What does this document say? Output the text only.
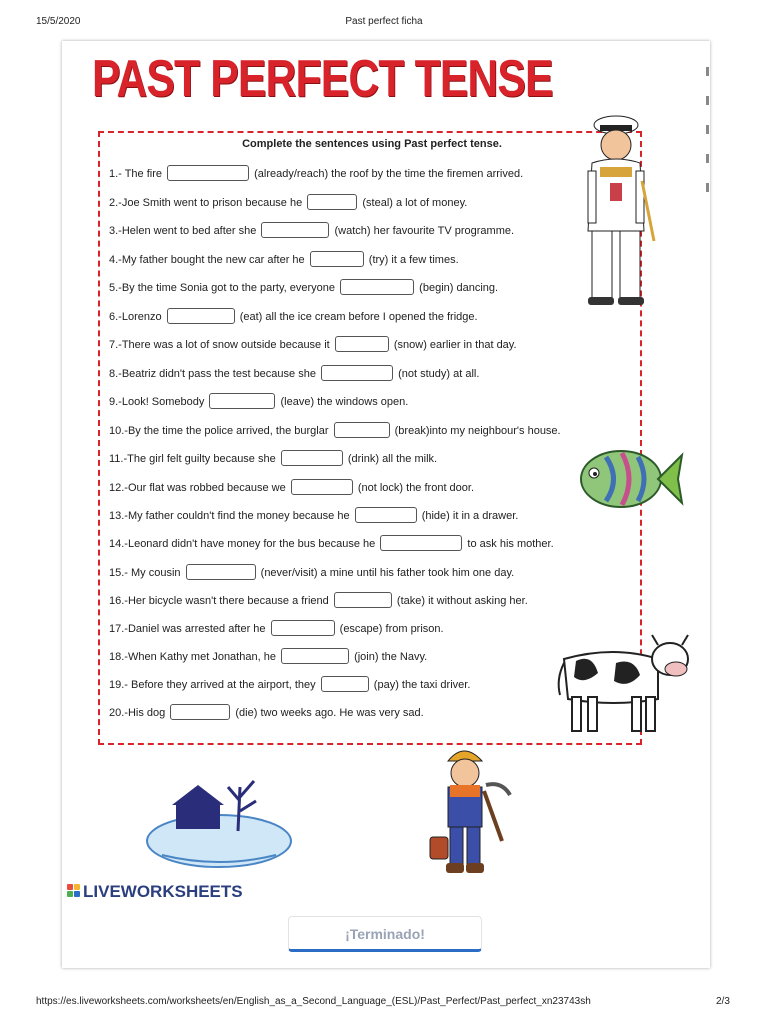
15/5/2020	Past perfect ficha
https://es.liveworksheets.com/worksheets/en/English_as_a_Second_Language_(ESL)/Past_Perfect/Past_perfect_xn23743sh	2/3
PAST PERFECT TENSE
Complete the sentences using Past perfect tense.
1.- The fire	(already/reach) the roof by the time the firemen arrived.
2.-Joe Smith went to prison because he	(steal) a lot of money.
3.-Helen went to bed after she	(watch) her favourite TV programme.
4.-My father bought the new car after he	(try) it a few times.
5.-By the time Sonia got to the party, everyone	(begin) dancing.
6.-Lorenzo	(eat) all the ice cream before I opened the fridge.
7.-There was a lot of snow outside because it	(snow) earlier in that day.
8.-Beatriz didn't pass the test because she	(not study) at all.
9.-Look! Somebody	(leave) the windows open.
10.-By the time the police arrived, the burglar	(break)into my neighbour's house.
11.-The girl felt guilty because she	(drink) all the milk.
12.-Our flat was robbed because we	(not lock) the front door.
13.-My father couldn't find the money because he	(hide) it in a drawer.
14.-Leonard didn't have money for the bus because he	to ask his mother.
15.- My cousin	(never/visit) a mine until his father took him one day.
16.-Her bicycle wasn't there because a friend	(take) it without asking her.
17.-Daniel was arrested after he	(escape) from prison.
18.-When Kathy met Jonathan, he	(join) the Navy.
19.- Before they arrived at the airport, they	(pay) the taxi driver.
20.-His dog	(die) two weeks ago. He was very sad.
LIVEWORKSHEETS
¡Terminado!
